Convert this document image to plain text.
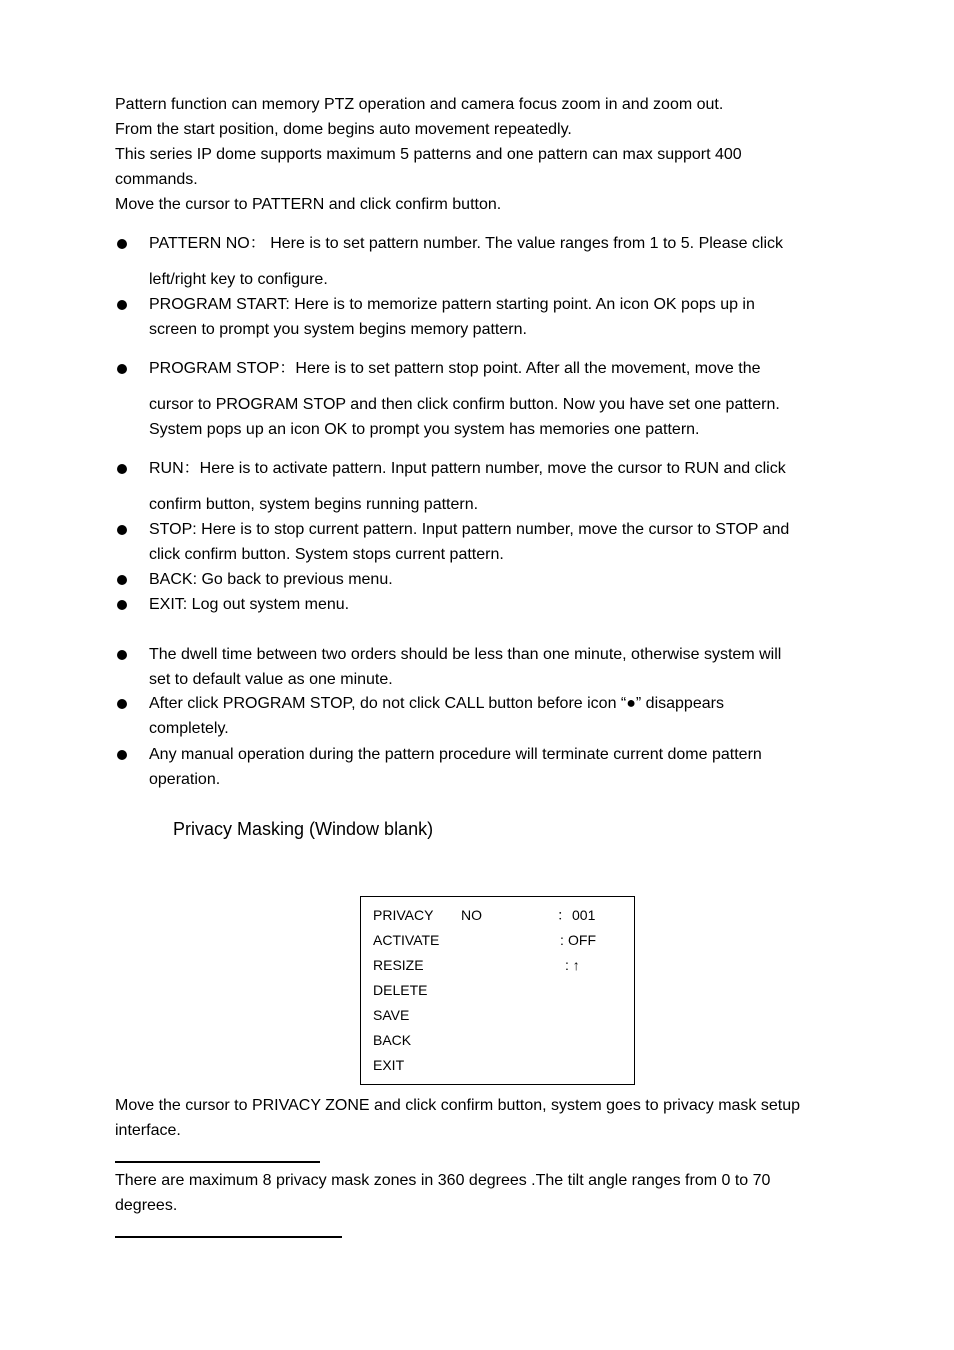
Pattern function can memory PTZ operation and camera focus zoom in and zoom out.
From the start position, dome begins auto movement repeatedly.
This series IP dome supports maximum 5 patterns and one pattern can max support 400
commands.
Move the cursor to PATTERN and click confirm button.
PATTERN NO： Here is to set pattern number. The value ranges from 1 to 5. Please click
left/right key to configure.
PROGRAM START: Here is to memorize pattern starting point. An icon OK pops up in
screen to prompt you system begins memory pattern.
PROGRAM STOP：Here is to set pattern stop point. After all the movement, move the
cursor to PROGRAM STOP and then click confirm button. Now you have set one pattern.
System pops up an icon OK to prompt you system has memories one pattern.
RUN：Here is to activate pattern. Input pattern number, move the cursor to RUN and click
confirm button, system begins running pattern.
STOP: Here is to stop current pattern. Input pattern number, move the cursor to STOP and
click confirm button. System stops current pattern.
BACK: Go back to previous menu.
EXIT: Log out system menu.
The dwell time between two orders should be less than one minute, otherwise system will
set to default value as one minute.
After click PROGRAM STOP, do not click CALL button before icon “●” disappears
completely.
Any manual operation during the pattern procedure will terminate current dome pattern
operation.
Privacy Masking (Window blank)
PRIVACY NO	： 001
ACTIVATE	: OFF
RESIZE	: ↑
DELETE
SAVE
BACK
EXIT
Move the cursor to PRIVACY ZONE and click confirm button, system goes to privacy mask setup
interface.
There are maximum 8 privacy mask zones in 360 degrees .The tilt angle ranges from 0 to 70
degrees.
